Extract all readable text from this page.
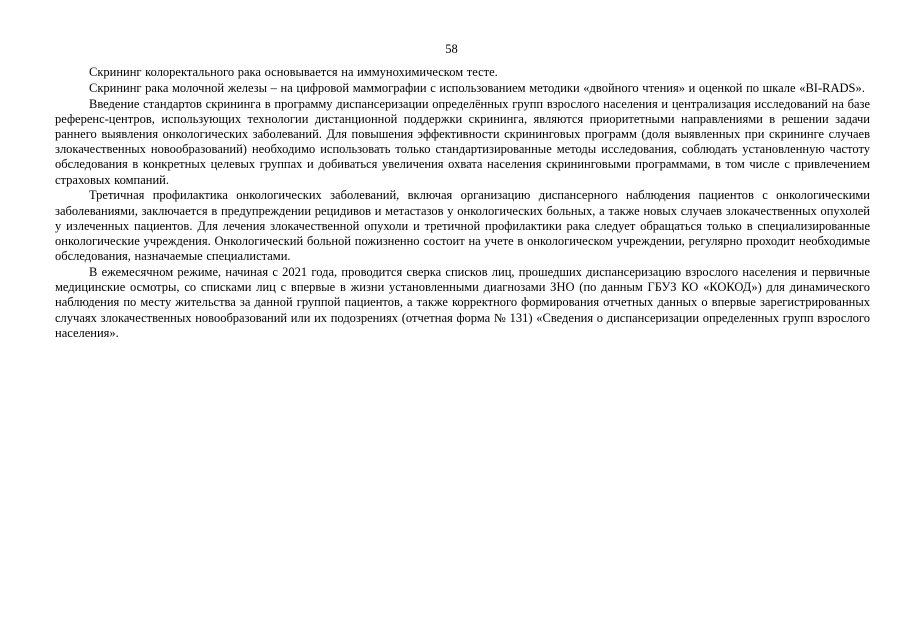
58

Скрининг колоректального рака основывается на иммунохимическом тесте.

Скрининг рака молочной железы – на цифровой маммографии с использованием методики «двойного чтения» и оценкой по шкале «BI-RADS».

Введение стандартов скрининга в программу диспансеризации определённых групп взрослого населения и централизация исследований на базе референс-центров, использующих технологии дистанционной поддержки скрининга, являются приоритетными направлениями в решении задачи раннего выявления онкологических заболеваний. Для повышения эффективности скрининговых программ (доля выявленных при скрининге случаев злокачественных новообразований) необходимо использовать только стандартизированные методы исследования, соблюдать установленную частоту обследования в конкретных целевых группах и добиваться увеличения охвата населения скрининговыми программами, в том числе с привлечением страховых компаний.

Третичная профилактика онкологических заболеваний, включая организацию диспансерного наблюдения пациентов с онкологическими заболеваниями, заключается в предупреждении рецидивов и метастазов у онкологических больных, а также новых случаев злокачественных опухолей у излеченных пациентов. Для лечения злокачественной опухоли и третичной профилактики рака следует обращаться только в специализированные онкологические учреждения. Онкологический больной пожизненно состоит на учете в онкологическом учреждении, регулярно проходит необходимые обследования, назначаемые специалистами.

В ежемесячном режиме, начиная с 2021 года, проводится сверка списков лиц, прошедших диспансеризацию взрослого населения и первичные медицинские осмотры, со списками лиц с впервые в жизни установленными диагнозами ЗНО (по данным ГБУЗ КО «КОКОД») для динамического наблюдения по месту жительства за данной группой пациентов, а также корректного формирования отчетных данных о впервые зарегистрированных случаях злокачественных новообразований или их подозрениях (отчетная форма № 131) «Сведения о диспансеризации определенных групп взрослого населения».
